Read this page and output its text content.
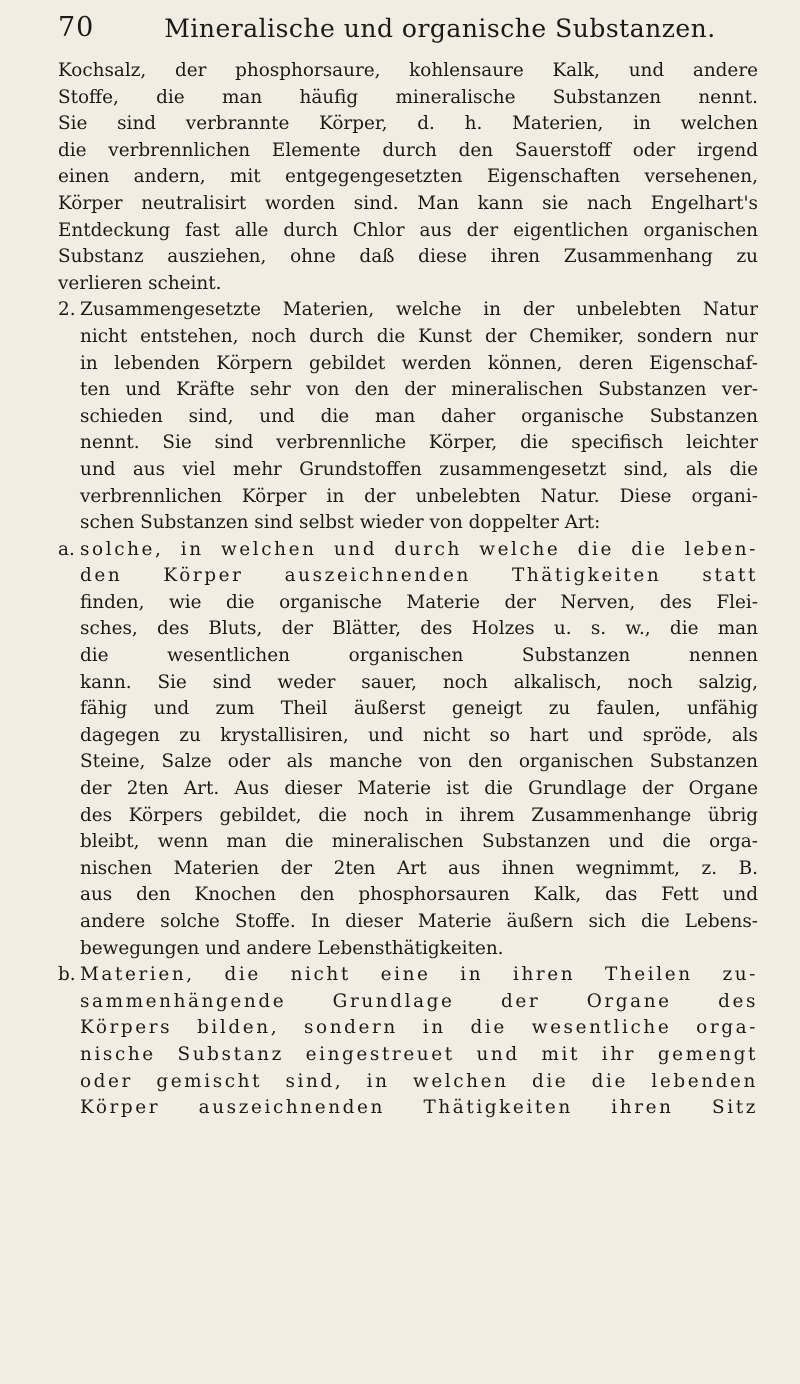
70	Mineralische und organische Substanzen.
Kochsalz, der phosphorsaure, kohlensaure Kalk, und andere
Stoffe, die man häufig mineralische Substanzen nennt.
Sie sind verbrannte Körper, d. h. Materien, in welchen
die verbrennlichen Elemente durch den Sauerstoff oder irgend
einen andern, mit entgegengesetzten Eigenschaften versehenen,
Körper neutralisirt worden sind. Man kann sie nach Engelhart's
Entdeckung fast alle durch Chlor aus der eigentlichen organischen
Substanz ausziehen, ohne daß diese ihren Zusammenhang zu
verlieren scheint.
2. Zusammengesetzte Materien, welche in der unbelebten Natur
nicht entstehen, noch durch die Kunst der Chemiker, sondern nur
in lebenden Körpern gebildet werden können, deren Eigenschaf-
ten und Kräfte sehr von den der mineralischen Substanzen ver-
schieden sind, und die man daher organische Substanzen
nennt. Sie sind verbrennliche Körper, die specifisch leichter
und aus viel mehr Grundstoffen zusammengesetzt sind, als die
verbrennlichen Körper in der unbelebten Natur. Diese organi-
schen Substanzen sind selbst wieder von doppelter Art:
a. solche, in welchen und durch welche die die leben-
den Körper auszeichnenden Thätigkeiten statt
finden, wie die organische Materie der Nerven, des Flei-
sches, des Bluts, der Blätter, des Holzes u. s. w., die man
die wesentlichen organischen Substanzen nennen
kann. Sie sind weder sauer, noch alkalisch, noch salzig,
fähig und zum Theil äußerst geneigt zu faulen, unfähig
dagegen zu krystallisiren, und nicht so hart und spröde, als
Steine, Salze oder als manche von den organischen Substanzen
der 2ten Art. Aus dieser Materie ist die Grundlage der Organe
des Körpers gebildet, die noch in ihrem Zusammenhange übrig
bleibt, wenn man die mineralischen Substanzen und die orga-
nischen Materien der 2ten Art aus ihnen wegnimmt, z. B.
aus den Knochen den phosphorsauren Kalk, das Fett und
andere solche Stoffe. In dieser Materie äußern sich die Lebens-
bewegungen und andere Lebensthätigkeiten.
b. Materien, die nicht eine in ihren Theilen zu-
sammenhängende Grundlage der Organe des
Körpers bilden, sondern in die wesentliche orga-
nische Substanz eingestreuet und mit ihr gemengt
oder gemischt sind, in welchen die die lebenden
Körper auszeichnenden Thätigkeiten ihren Sitz
